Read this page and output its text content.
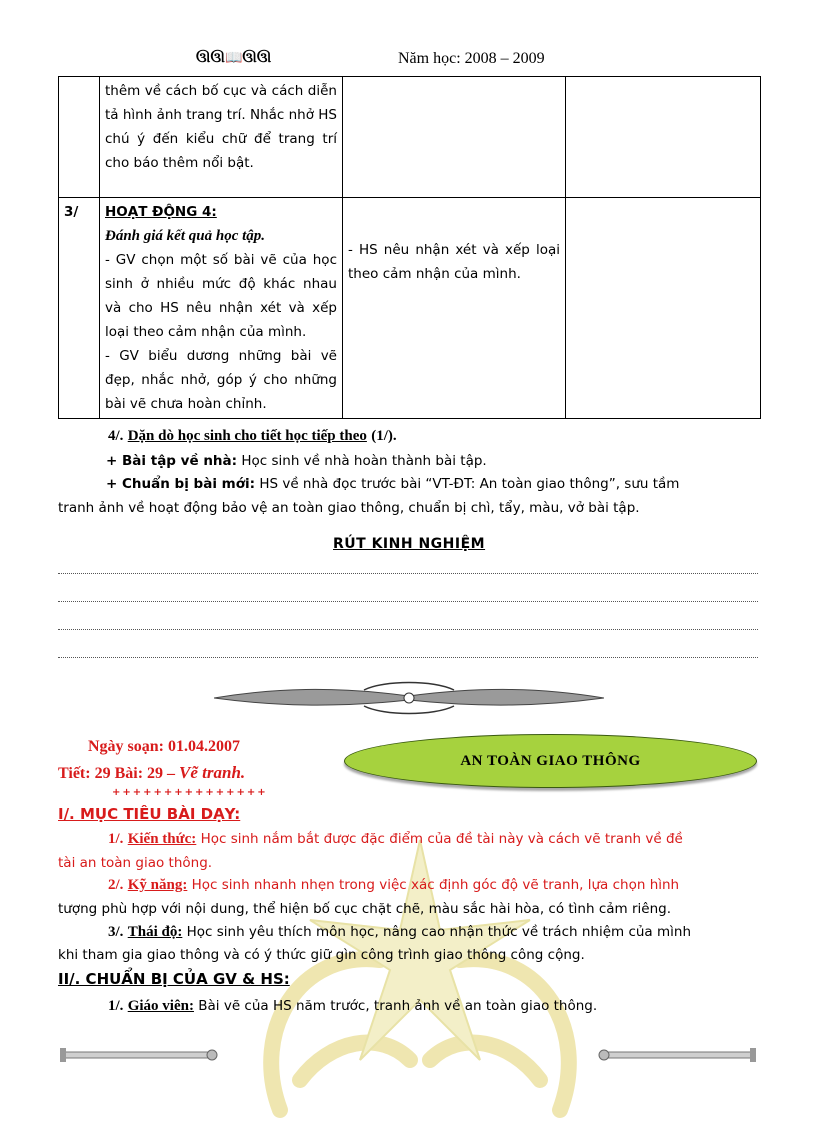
ઊઊ📖ઊઊ	Năm học: 2008 – 2009
	thêm về cách bố cục và cách diễn tả hình ảnh trang trí. Nhắc nhở HS chú ý đến kiểu chữ để trang trí cho báo thêm nổi bật.		
3/	HOẠT ĐỘNG 4:
Đánh giá kết quả học tập.
- GV chọn một số bài vẽ của học sinh ở nhiều mức độ khác nhau và cho HS nêu nhận xét và xếp loại theo cảm nhận của mình.
- GV biểu dương những bài vẽ đẹp, nhắc nhở, góp ý cho những bài vẽ chưa hoàn chỉnh.	- HS nêu nhận xét và xếp loại theo cảm nhận của mình.	
4/. Dặn dò học sinh cho tiết học tiếp theo (1/).
+ Bài tập về nhà: Học sinh về nhà hoàn thành bài tập.
+ Chuẩn bị bài mới: HS về nhà đọc trước bài “VT-ĐT: An toàn giao thông”, sưu tầm
tranh ảnh về hoạt động bảo vệ an toàn giao thông, chuẩn bị chì, tẩy, màu, vở bài tập.
RÚT KINH NGHIỆM
Ngày soạn: 01.04.2007
Tiết: 29 Bài: 29 – Vẽ tranh.
+++++++++++++++
AN TOÀN GIAO THÔNG
I/. MỤC TIÊU BÀI DẠY:
1/. Kiến thức: Học sinh nắm bắt được đặc điểm của đề tài này và cách vẽ tranh về đề
tài an toàn giao thông.
2/. Kỹ năng: Học sinh nhanh nhẹn trong việc xác định góc độ vẽ tranh, lựa chọn hình
tượng phù hợp với nội dung, thể hiện bố cục chặt chẽ, màu sắc hài hòa, có tình cảm riêng.
3/. Thái độ: Học sinh yêu thích môn học, nâng cao nhận thức về trách nhiệm của mình
khi tham gia giao thông và có ý thức giữ gìn công trình giao thông công cộng.
II/. CHUẨN BỊ CỦA GV & HS:
1/. Giáo viên: Bài vẽ của HS năm trước, tranh ảnh về an toàn giao thông.
